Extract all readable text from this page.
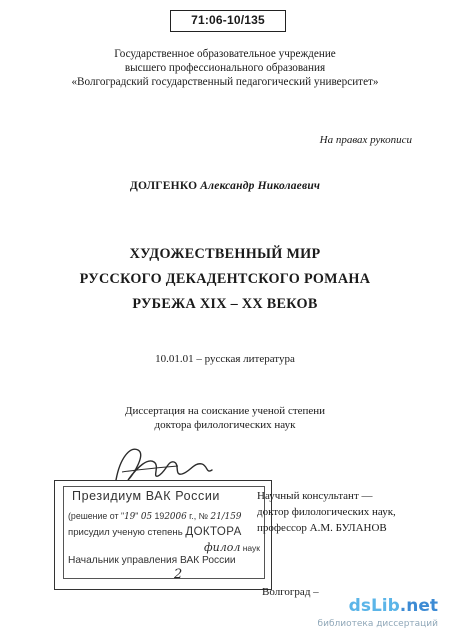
71:06-10/135
Государственное образовательное учреждение
высшего профессионального образования
«Волгоградский государственный педагогический университет»
На правах рукописи
ДОЛГЕНКО Александр Николаевич
ХУДОЖЕСТВЕННЫЙ МИР
РУССКОГО ДЕКАДЕНТСКОГО РОМАНА
РУБЕЖА XIX – XX ВЕКОВ
10.01.01 – русская литература
Диссертация на соискание ученой степени
доктора филологических наук
Президиум ВАК России
(решение от "19" 05 192006 г., № 21/159
присудил ученую степень ДОКТОРА
филол наук
Начальник управления ВАК России
2
Научный консультант —
доктор филологических наук,
профессор А.М. БУЛАНОВ
Волгоград –
dsLib.net
библиотека диссертаций
